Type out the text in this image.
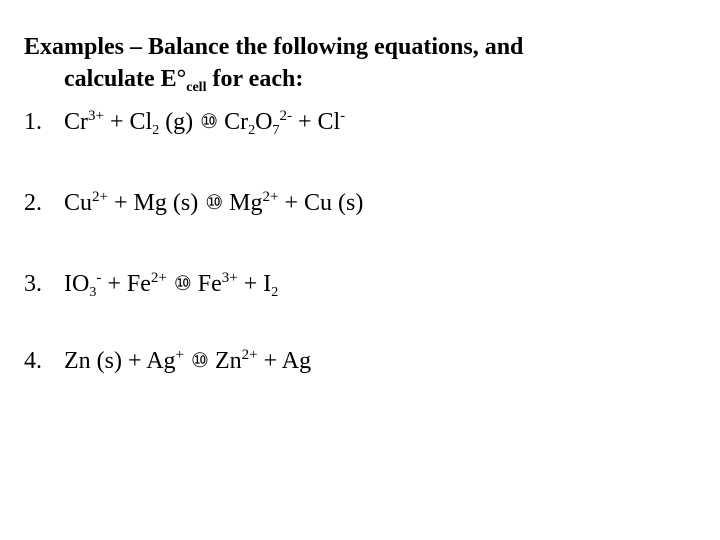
Examples – Balance the following equations, and
calculate $E^\circ_{cell}$ for each:
1. $Cr^{3+} + Cl_2$ (g) ⑩ $Cr_2O_7^{2-} + Cl^-$
2. $Cu^{2+} + Mg$ (s) ⑩ $Mg^{2+} + Cu$ (s)
3. $IO_3^- + Fe^{2+}$ ⑩ $Fe^{3+} + I_2$
4. Zn (s) + Ag+ ⑩ $Zn^{2+} + Ag$
